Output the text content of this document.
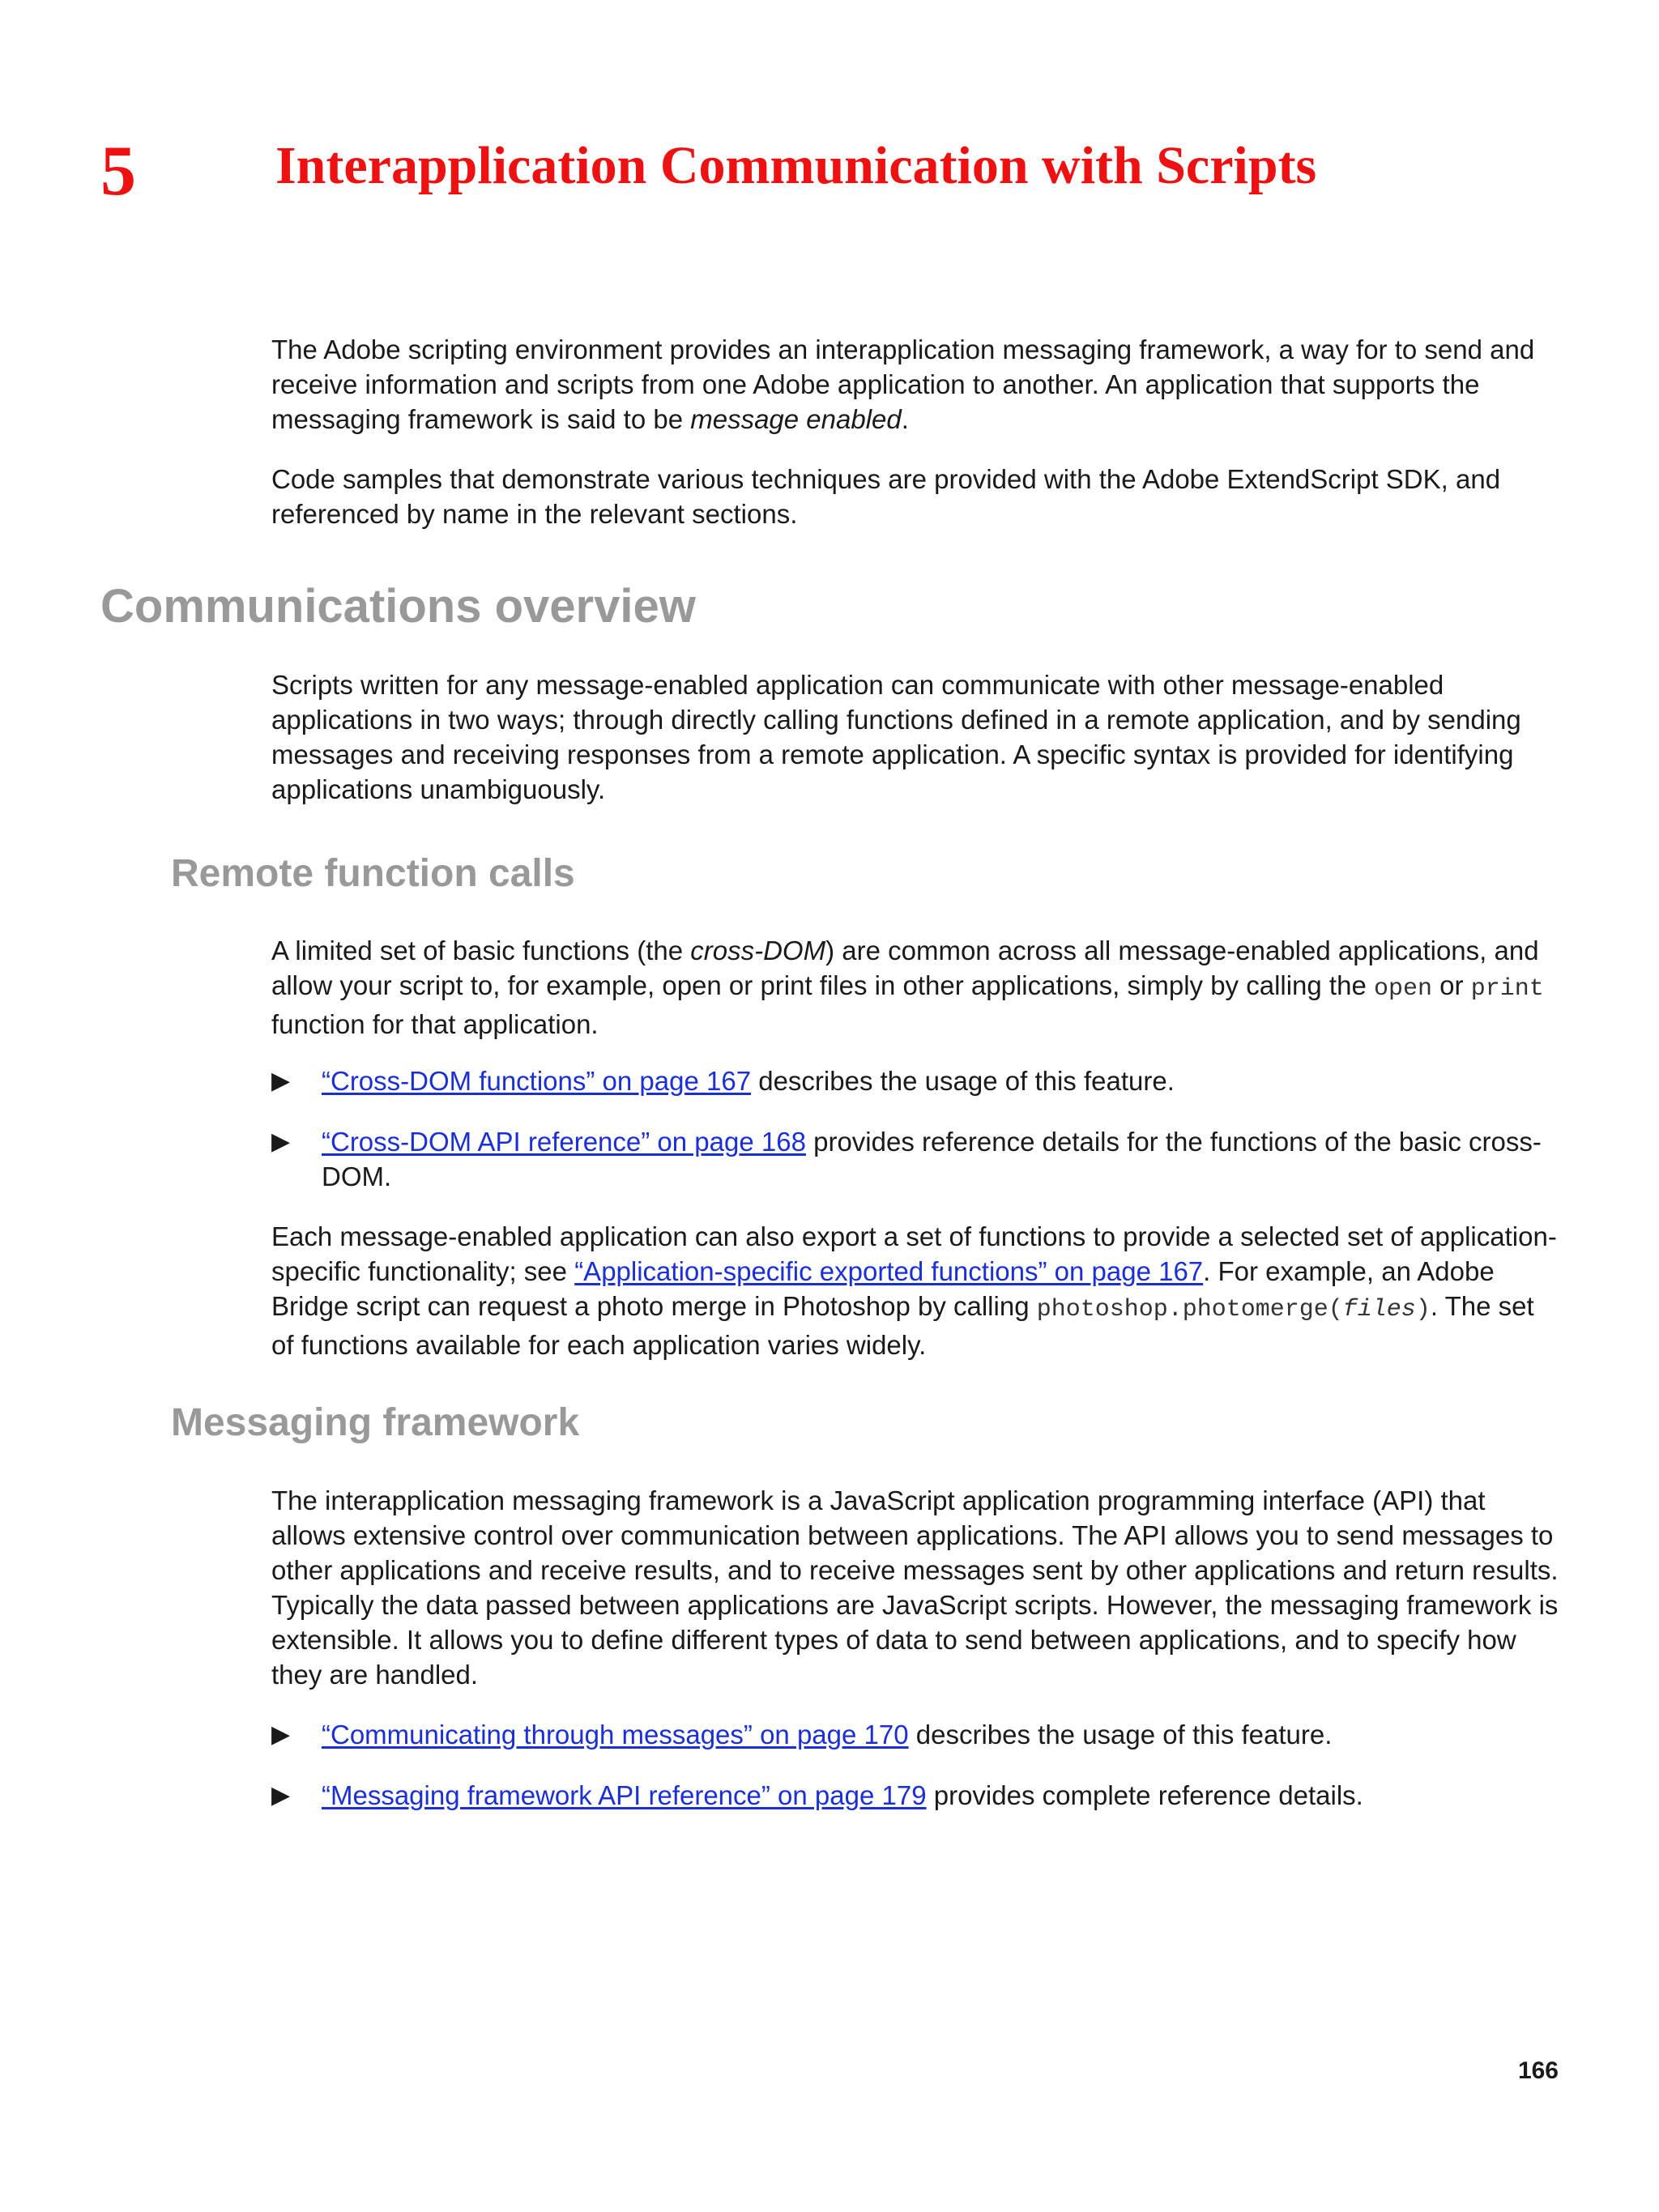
5	Interapplication Communication with Scripts

The Adobe scripting environment provides an interapplication messaging framework, a way for to send and receive information and scripts from one Adobe application to another. An application that supports the messaging framework is said to be message enabled.

Code samples that demonstrate various techniques are provided with the Adobe ExtendScript SDK, and referenced by name in the relevant sections.

Communications overview

Scripts written for any message-enabled application can communicate with other message-enabled applications in two ways; through directly calling functions defined in a remote application, and by sending messages and receiving responses from a remote application. A specific syntax is provided for identifying applications unambiguously.

Remote function calls

A limited set of basic functions (the cross-DOM) are common across all message-enabled applications, and allow your script to, for example, open or print files in other applications, simply by calling the open or print function for that application.

▶ “Cross-DOM functions” on page 167 describes the usage of this feature.
▶ “Cross-DOM API reference” on page 168 provides reference details for the functions of the basic cross-DOM.

Each message-enabled application can also export a set of functions to provide a selected set of application-specific functionality; see “Application-specific exported functions” on page 167. For example, an Adobe Bridge script can request a photo merge in Photoshop by calling photoshop.photomerge(files). The set of functions available for each application varies widely.

Messaging framework

The interapplication messaging framework is a JavaScript application programming interface (API) that allows extensive control over communication between applications. The API allows you to send messages to other applications and receive results, and to receive messages sent by other applications and return results. Typically the data passed between applications are JavaScript scripts. However, the messaging framework is extensible. It allows you to define different types of data to send between applications, and to specify how they are handled.

▶ “Communicating through messages” on page 170 describes the usage of this feature.
▶ “Messaging framework API reference” on page 179 provides complete reference details.
166
